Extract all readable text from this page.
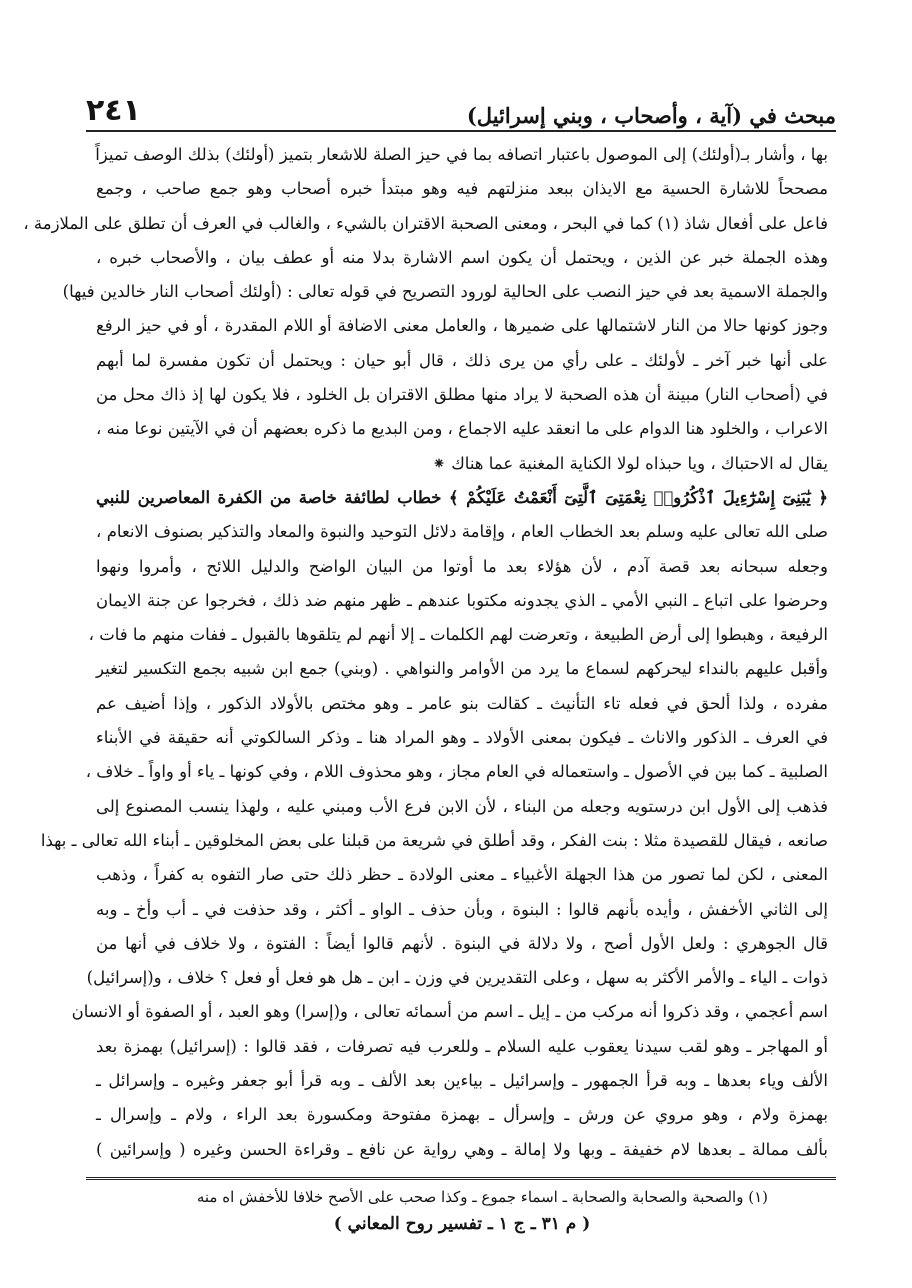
مبحث في (آية ، وأصحاب ، وبني إسرائيل)
٢٤١
بها ، وأشار بـ(أولئك) إلى الموصول باعتبار اتصافه بما في حيز الصلة للاشعار بتميز (أولئك) بذلك الوصف تميزاً
مصححاً للاشارة الحسية مع الايذان ببعد منزلتهم فيه وهو مبتدأ خبره أصحاب وهو جمع صاحب ، وجمع
فاعل على أفعال شاذ (١) كما في البحر ، ومعنى الصحبة الاقتران بالشيء ، والغالب في العرف أن تطلق على الملازمة ،
وهذه الجملة خبر عن الذين ، ويحتمل أن يكون اسم الاشارة بدلا منه أو عطف بيان ، والأصحاب خبره ،
والجملة الاسمية بعد في حيز النصب على الحالية لورود التصريح في قوله تعالى : (أولئك أصحاب النار خالدين فيها)
وجوز كونها حالا من النار لاشتمالها على ضميرها ، والعامل معنى الاضافة أو اللام المقدرة ، أو في حيز الرفع
على أنها خبر آخر ـ لأولئك ـ على رأي من يرى ذلك ، قال أبو حيان : ويحتمل أن تكون مفسرة لما أبهم
في (أصحاب النار) مبينة أن هذه الصحبة لا يراد منها مطلق الاقتران بل الخلود ، فلا يكون لها إذ ذاك محل من
الاعراب ، والخلود هنا الدوام على ما انعقد عليه الاجماع ، ومن البديع ما ذكره بعضهم أن في الآيتين نوعا منه ،
يقال له الاحتباك ، ويا حبذاه لولا الكناية المغنية عما هناك ⁕
﴿ يَٰبَنِىٓ إِسْرَٰٓءِيلَ ٱذْكُرُوا۟ نِعْمَتِىَ ٱلَّتِىٓ أَنْعَمْتُ عَلَيْكُمْ ﴾ خطاب لطائفة خاصة من الكفرة المعاصرين للنبي
صلى الله تعالى عليه وسلم بعد الخطاب العام ، وإقامة دلائل التوحيد والنبوة والمعاد والتذكير بصنوف الانعام ،
وجعله سبحانه بعد قصة آدم ، لأن هؤلاء بعد ما أوتوا من البيان الواضح والدليل اللائح ، وأمروا ونهوا
وحرضوا على اتباع ـ النبي الأمي ـ الذي يجدونه مكتوبا عندهم ـ ظهر منهم ضد ذلك ، فخرجوا عن جنة الايمان
الرفيعة ، وهبطوا إلى أرض الطبيعة ، وتعرضت لهم الكلمات ـ إلا أنهم لم يتلقوها بالقبول ـ ففات منهم ما فات ،
وأقبل عليهم بالنداء ليحركهم لسماع ما يرد من الأوامر والنواهي . (وبني) جمع ابن شبيه بجمع التكسير لتغير
مفرده ، ولذا ألحق في فعله تاء التأنيث ـ كقالت بنو عامر ـ وهو مختص بالأولاد الذكور ، وإذا أضيف عم
في العرف ـ الذكور والاناث ـ فيكون بمعنى الأولاد ـ وهو المراد هنا ـ وذكر السالكوتي أنه حقيقة في الأبناء
الصلبية ـ كما بين في الأصول ـ واستعماله في العام مجاز ، وهو محذوف اللام ، وفي كونها ـ ياء أو واواً ـ خلاف ،
فذهب إلى الأول ابن درستويه وجعله من البناء ، لأن الابن فرع الأب ومبني عليه ، ولهذا ينسب المصنوع إلى
صانعه ، فيقال للقصيدة مثلا : بنت الفكر ، وقد أطلق في شريعة من قبلنا على بعض المخلوقين ـ أبناء الله تعالى ـ بهذا
المعنى ، لكن لما تصور من هذا الجهلة الأغبياء ـ معنى الولادة ـ حظر ذلك حتى صار التفوه به كفراً ، وذهب
إلى الثاني الأخفش ، وأيده بأنهم قالوا : البنوة ، وبأن حذف ـ الواو ـ أكثر ، وقد حذفت في ـ أب وأخ ـ وبه
قال الجوهري : ولعل الأول أصح ، ولا دلالة في البنوة . لأنهم قالوا أيضاً : الفتوة ، ولا خلاف في أنها من
ذوات ـ الياء ـ والأمر الأكثر به سهل ، وعلى التقديرين في وزن ـ ابن ـ هل هو فعل أو فعل ؟ خلاف ، و(إسرائيل)
اسم أعجمي ، وقد ذكروا أنه مركب من ـ إيل ـ اسم من أسمائه تعالى ، و(إسرا) وهو العبد ، أو الصفوة أو الانسان
أو المهاجر ـ وهو لقب سيدنا يعقوب عليه السلام ـ وللعرب فيه تصرفات ، فقد قالوا : (إسرائيل) بهمزة بعد
الألف وياء بعدها ـ وبه قرأ الجمهور ـ وإسرائيل ـ بياءين بعد الألف ـ وبه قرأ أبو جعفر وغيره ـ وإسرائل ـ
بهمزة ولام ، وهو مروي عن ورش ـ وإسرأل ـ بهمزة مفتوحة ومكسورة بعد الراء ، ولام ـ وإسرال ـ
بألف ممالة ـ بعدها لام خفيفة ـ وبها ولا إمالة ـ وهي رواية عن نافع ـ وقراءة الحسن وغيره ( وإسرائين )
(١) والصحبة والصحابة والصحابة ـ اسماء جموع ـ وكذا صحب على الأصح خلافا للأخفش اه منه
( م ٣١ ـ ج ١ ـ تفسير روح المعاني )
